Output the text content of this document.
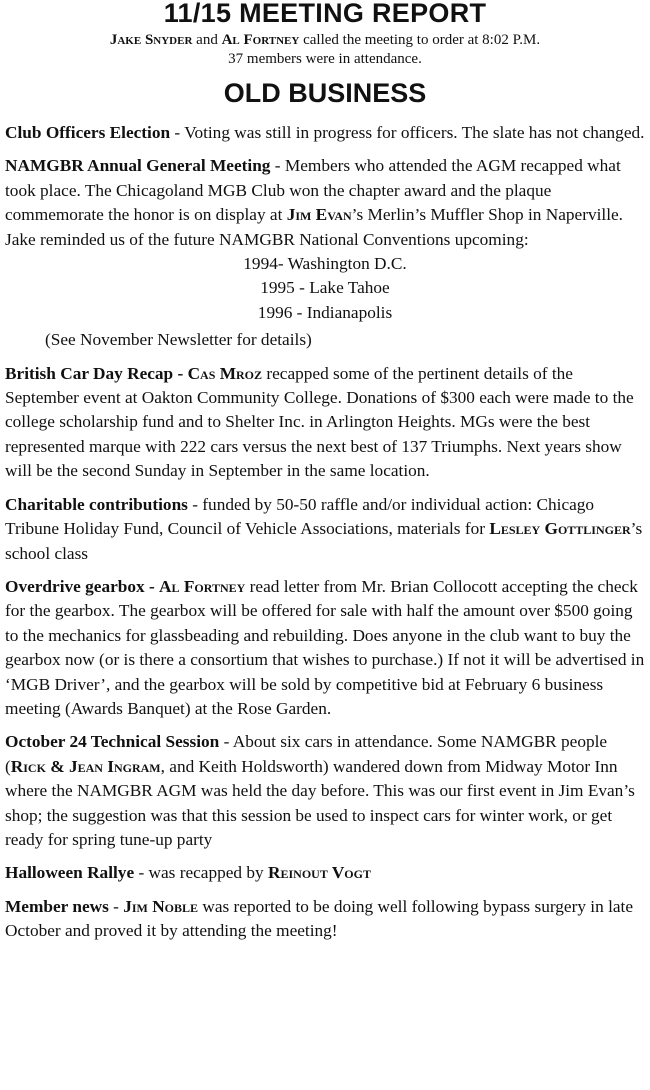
11/15 MEETING REPORT
Jake Snyder and Al Fortney called the meeting to order at 8:02 P.M.
37 members were in attendance.
OLD BUSINESS

Club Officers Election - Voting was still in progress for officers. The slate has not changed.

NAMGBR Annual General Meeting - Members who attended the AGM recapped what took place. The Chicagoland MGB Club won the chapter award and the plaque commemorate the honor is on display at Jim Evan’s Merlin’s Muffler Shop in Naperville. Jake reminded us of the future NAMGBR National Conventions upcoming:

1994- Washington D.C.
1995 - Lake Tahoe
1996 - Indianapolis
(See November Newsletter for details)

British Car Day Recap - Cas Mroz recapped some of the pertinent details of the September event at Oakton Community College. Donations of $300 each were made to the college scholarship fund and to Shelter Inc. in Arlington Heights. MGs were the best represented marque with 222 cars versus the next best of 137 Triumphs. Next years show will be the second Sunday in September in the same location.

Charitable contributions - funded by 50-50 raffle and/or individual action: Chicago Tribune Holiday Fund, Council of Vehicle Associations, materials for Lesley Gottlinger’s school class

Overdrive gearbox - Al Fortney read letter from Mr. Brian Collocott accepting the check for the gearbox. The gearbox will be offered for sale with half the amount over $500 going to the mechanics for glassbeading and rebuilding. Does anyone in the club want to buy the gearbox now (or is there a consortium that wishes to purchase.) If not it will be advertised in ‘MGB Driver’, and the gearbox will be sold by competitive bid at February 6 business meeting (Awards Banquet) at the Rose Garden.

October 24 Technical Session - About six cars in attendance. Some NAMGBR people (Rick & Jean Ingram, and Keith Holdsworth) wandered down from Midway Motor Inn where the NAMGBR AGM was held the day before. This was our first event in Jim Evan’s shop; the suggestion was that this session be used to inspect cars for winter work, or get ready for spring tune-up party

Halloween Rallye - was recapped by Reinout Vogt

Member news - Jim Noble was reported to be doing well following bypass surgery in late October and proved it by attending the meeting!
